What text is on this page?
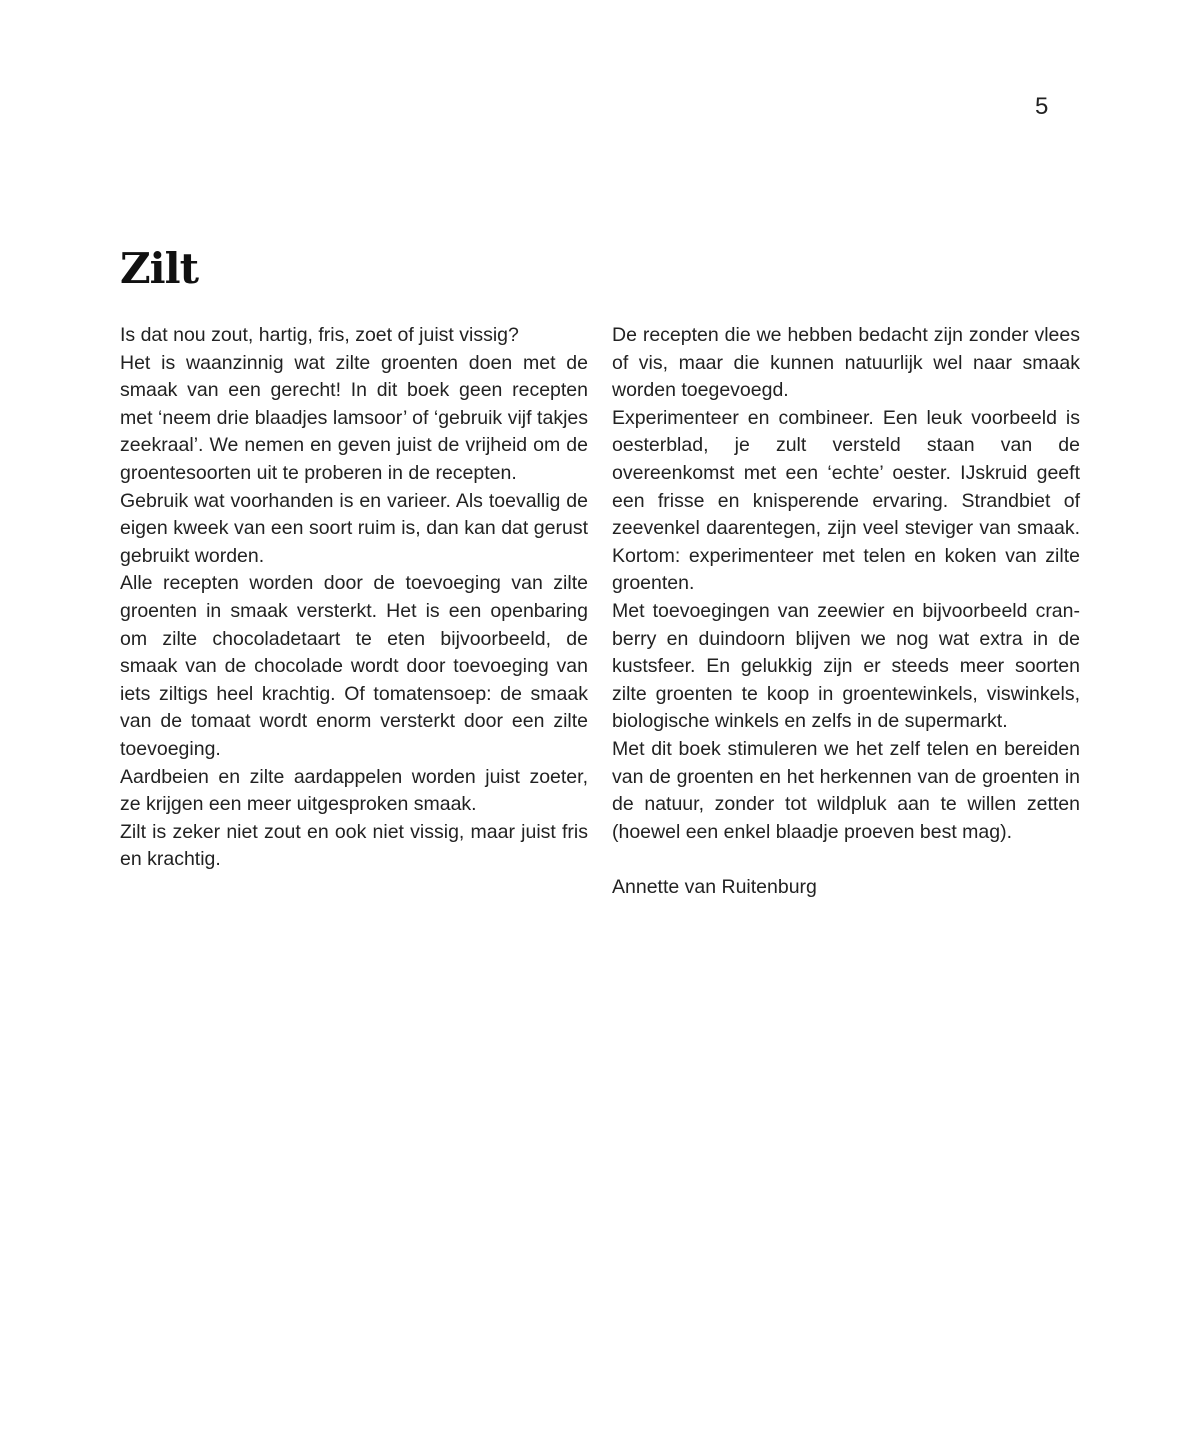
5
Zilt

Is dat nou zout, hartig, fris, zoet of juist vissig?

Het is waanzinnig wat zilte groenten doen met de smaak van een gerecht! In dit boek geen recepten met ‘neem drie blaadjes lamsoor’ of ‘gebruik vijf takjes zeekraal’. We nemen en geven juist de vrijheid om de groentesoorten uit te proberen in de recepten.

Gebruik wat voorhanden is en varieer. Als toevallig de eigen kweek van een soort ruim is, dan kan dat gerust gebruikt worden.

Alle recepten worden door de toevoeging van zilte groenten in smaak versterkt. Het is een openbaring om zilte chocoladetaart te eten bijvoorbeeld, de smaak van de chocolade wordt door toevoeging van iets ziltigs heel krachtig. Of tomatensoep: de smaak van de tomaat wordt enorm versterkt door een zilte toevoeging.

Aardbeien en zilte aardappelen worden juist zoeter, ze krijgen een meer uitgesproken smaak.

Zilt is zeker niet zout en ook niet vissig, maar juist fris en krachtig.

De recepten die we hebben bedacht zijn zonder vlees of vis, maar die kunnen natuurlijk wel naar smaak worden toegevoegd.

Experimenteer en combineer. Een leuk voorbeeld is oesterblad, je zult versteld staan van de overeenkomst met een ‘echte’ oester. IJskruid geeft een frisse en knisperende ervaring. Strandbiet of zeevenkel daarentegen, zijn veel steviger van smaak. Kortom: experimenteer met telen en koken van zilte groenten.

Met toevoegingen van zeewier en bijvoorbeeld cranberry en duindoorn blijven we nog wat extra in de kustsfeer. En gelukkig zijn er steeds meer soorten zilte groenten te koop in groentewinkels, viswinkels, biologische winkels en zelfs in de supermarkt.

Met dit boek stimuleren we het zelf telen en bereiden van de groenten en het herkennen van de groenten in de natuur, zonder tot wildpluk aan te willen zetten (hoewel een enkel blaadje proeven best mag).

Annette van Ruitenburg
